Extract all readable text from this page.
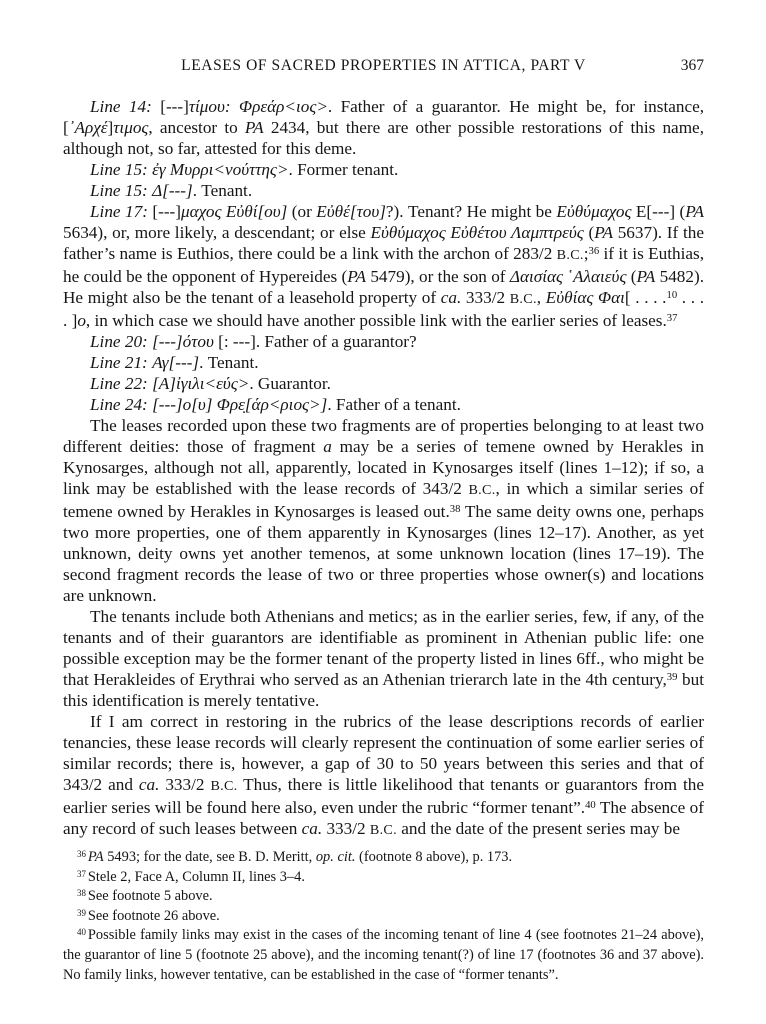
LEASES OF SACRED PROPERTIES IN ATTICA, PART V	367

Line 14: [---]τίμου: Φρεάρ<ιος>. Father of a guarantor. He might be, for instance, [᾿Αρχέ]τιμος, ancestor to PA 2434, but there are other possible restorations of this name, although not, so far, attested for this deme.

Line 15: ἐγ Μυρρι<νούττης>. Former tenant.

Line 15: Δ[---]. Tenant.

Line 17: [---]μαχος Εὐθί[ου] (or Εὐθέ[του]?). Tenant? He might be Εὐθύμαχος Ε[---] (PA 5634), or, more likely, a descendant; or else Εὐθύμαχος Εὐθέτου Λαμπτρεύς (PA 5637). If the father’s name is Euthios, there could be a link with the archon of 283/2 B.C.;$^{36}$ if it is Euthias, he could be the opponent of Hypereides (PA 5479), or the son of Δαισίας ῾Αλαιεύς (PA 5482). He might also be the tenant of a leasehold property of ca. 333/2 B.C., Εὐθίας Φαι[ . . . .$^{10}$ . . . . ]ο, in which case we should have another possible link with the earlier series of leases.$^{37}$

Line 20: [---]ότου [: ---]. Father of a guarantor?

Line 21: Αγ[---]. Tenant.

Line 22: [Α]ἰγιλι<εύς>. Guarantor.

Line 24: [---]ο[υ] Φρε̣[άρ<ριος>]. Father of a tenant.

The leases recorded upon these two fragments are of properties belonging to at least two different deities: those of fragment a may be a series of temene owned by Herakles in Kynosarges, although not all, apparently, located in Kynosarges itself (lines 1–12); if so, a link may be established with the lease records of 343/2 B.C., in which a similar series of temene owned by Herakles in Kynosarges is leased out.$^{38}$ The same deity owns one, perhaps two more properties, one of them apparently in Kynosarges (lines 12–17). Another, as yet unknown, deity owns yet another temenos, at some unknown location (lines 17–19). The second fragment records the lease of two or three properties whose owner(s) and locations are unknown.

The tenants include both Athenians and metics; as in the earlier series, few, if any, of the tenants and of their guarantors are identifiable as prominent in Athenian public life: one possible exception may be the former tenant of the property listed in lines 6ff., who might be that Herakleides of Erythrai who served as an Athenian trierarch late in the 4th century,$^{39}$ but this identification is merely tentative.

If I am correct in restoring in the rubrics of the lease descriptions records of earlier tenancies, these lease records will clearly represent the continuation of some earlier series of similar records; there is, however, a gap of 30 to 50 years between this series and that of 343/2 and ca. 333/2 B.C. Thus, there is little likelihood that tenants or guarantors from the earlier series will be found here also, even under the rubric “former tenant”.$^{40}$ The absence of any record of such leases between ca. 333/2 B.C. and the date of the present series may be

$^{36}$ PA 5493; for the date, see B. D. Meritt, op. cit. (footnote 8 above), p. 173.

$^{37}$ Stele 2, Face A, Column II, lines 3–4.

$^{38}$ See footnote 5 above.

$^{39}$ See footnote 26 above.

$^{40}$ Possible family links may exist in the cases of the incoming tenant of line 4 (see footnotes 21–24 above), the guarantor of line 5 (footnote 25 above), and the incoming tenant(?) of line 17 (footnotes 36 and 37 above). No family links, however tentative, can be established in the case of “former tenants”.
